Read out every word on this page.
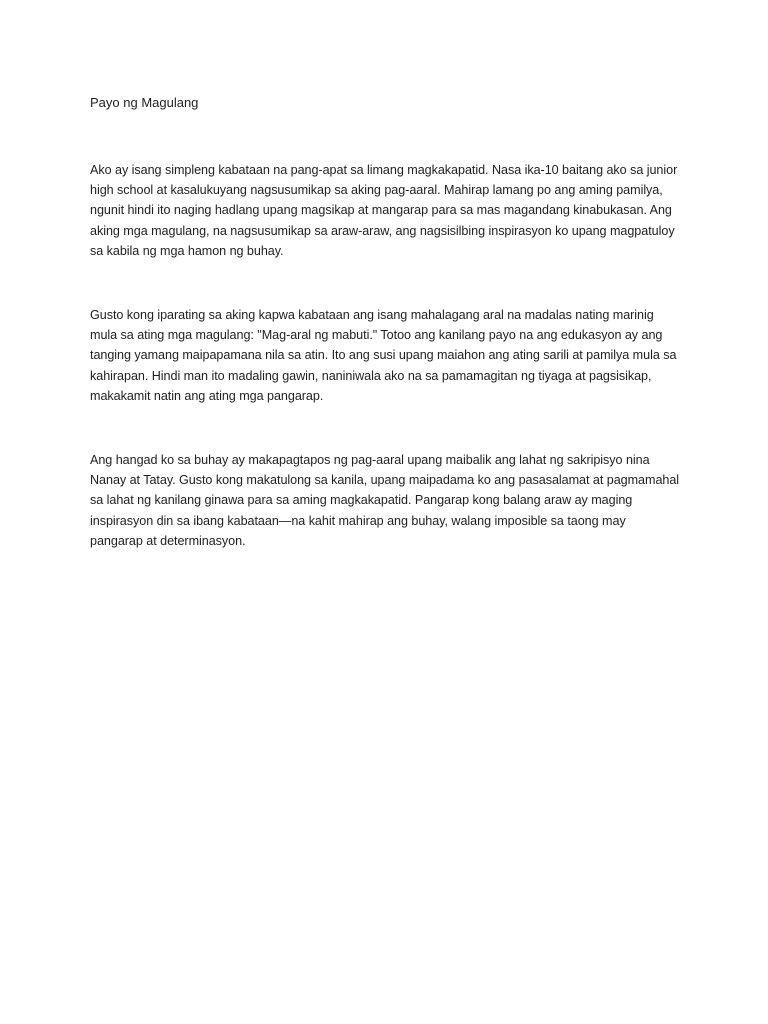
Payo ng Magulang

Ako ay isang simpleng kabataan na pang-apat sa limang magkakapatid. Nasa ika-10 baitang ako sa junior high school at kasalukuyang nagsusumikap sa aking pag-aaral. Mahirap lamang po ang aming pamilya, ngunit hindi ito naging hadlang upang magsikap at mangarap para sa mas magandang kinabukasan. Ang aking mga magulang, na nagsusumikap sa araw-araw, ang nagsisilbing inspirasyon ko upang magpatuloy sa kabila ng mga hamon ng buhay.

Gusto kong iparating sa aking kapwa kabataan ang isang mahalagang aral na madalas nating marinig mula sa ating mga magulang: "Mag-aral ng mabuti." Totoo ang kanilang payo na ang edukasyon ay ang tanging yamang maipapamana nila sa atin. Ito ang susi upang maiahon ang ating sarili at pamilya mula sa kahirapan. Hindi man ito madaling gawin, naniniwala ako na sa pamamagitan ng tiyaga at pagsisikap, makakamit natin ang ating mga pangarap.

Ang hangad ko sa buhay ay makapagtapos ng pag-aaral upang maibalik ang lahat ng sakripisyo nina Nanay at Tatay. Gusto kong makatulong sa kanila, upang maipadama ko ang pasasalamat at pagmamahal sa lahat ng kanilang ginawa para sa aming magkakapatid. Pangarap kong balang araw ay maging inspirasyon din sa ibang kabataan—na kahit mahirap ang buhay, walang imposible sa taong may pangarap at determinasyon.
